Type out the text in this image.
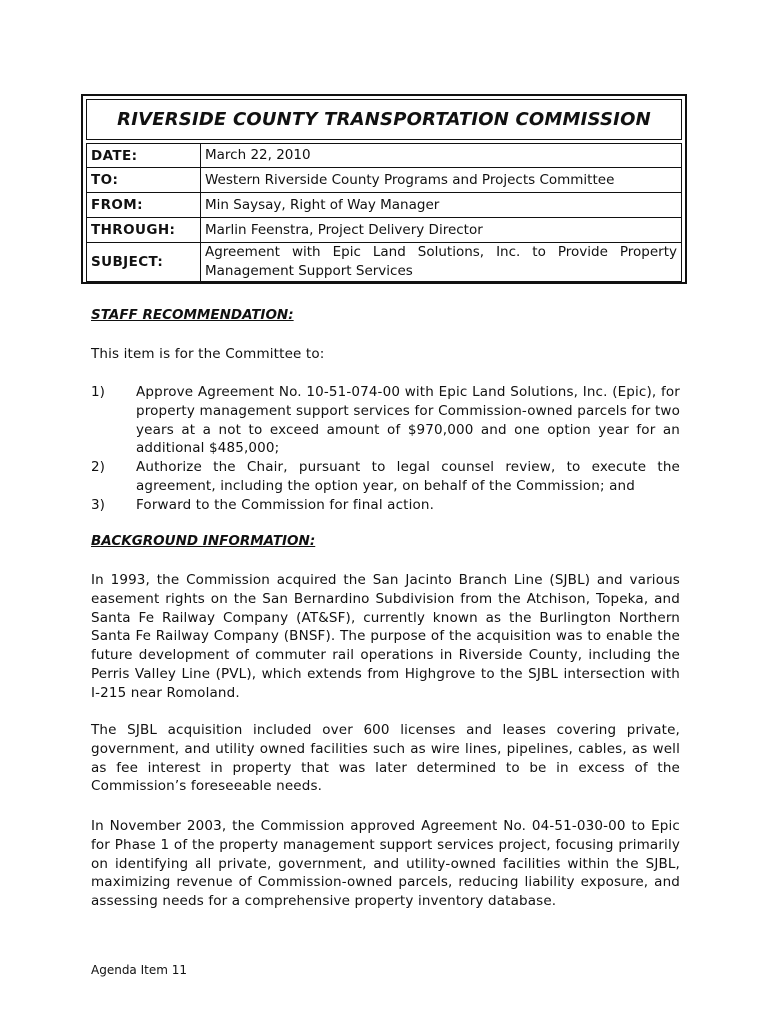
RIVERSIDE COUNTY TRANSPORTATION COMMISSION
DATE:	March 22, 2010
TO:	Western Riverside County Programs and Projects Committee
FROM:	Min Saysay, Right of Way Manager
THROUGH:	Marlin Feenstra, Project Delivery Director
SUBJECT:	Agreement with Epic Land Solutions, Inc. to Provide Property Management Support Services
STAFF RECOMMENDATION:
This item is for the Committee to:
1)	Approve Agreement No. 10-51-074-00 with Epic Land Solutions, Inc. (Epic), for property management support services for Commission-owned parcels for two years at a not to exceed amount of $970,000 and one option year for an additional $485,000;
2)	Authorize the Chair, pursuant to legal counsel review, to execute the agreement, including the option year, on behalf of the Commission; and
3)	Forward to the Commission for final action.
BACKGROUND INFORMATION:
In 1993, the Commission acquired the San Jacinto Branch Line (SJBL) and various easement rights on the San Bernardino Subdivision from the Atchison, Topeka, and Santa Fe Railway Company (AT&SF), currently known as the Burlington Northern Santa Fe Railway Company (BNSF). The purpose of the acquisition was to enable the future development of commuter rail operations in Riverside County, including the Perris Valley Line (PVL), which extends from Highgrove to the SJBL intersection with I-215 near Romoland.
The SJBL acquisition included over 600 licenses and leases covering private, government, and utility owned facilities such as wire lines, pipelines, cables, as well as fee interest in property that was later determined to be in excess of the Commission’s foreseeable needs.
In November 2003, the Commission approved Agreement No. 04-51-030-00 to Epic for Phase 1 of the property management support services project, focusing primarily on identifying all private, government, and utility-owned facilities within the SJBL, maximizing revenue of Commission-owned parcels, reducing liability exposure, and assessing needs for a comprehensive property inventory database.
Agenda Item 11
